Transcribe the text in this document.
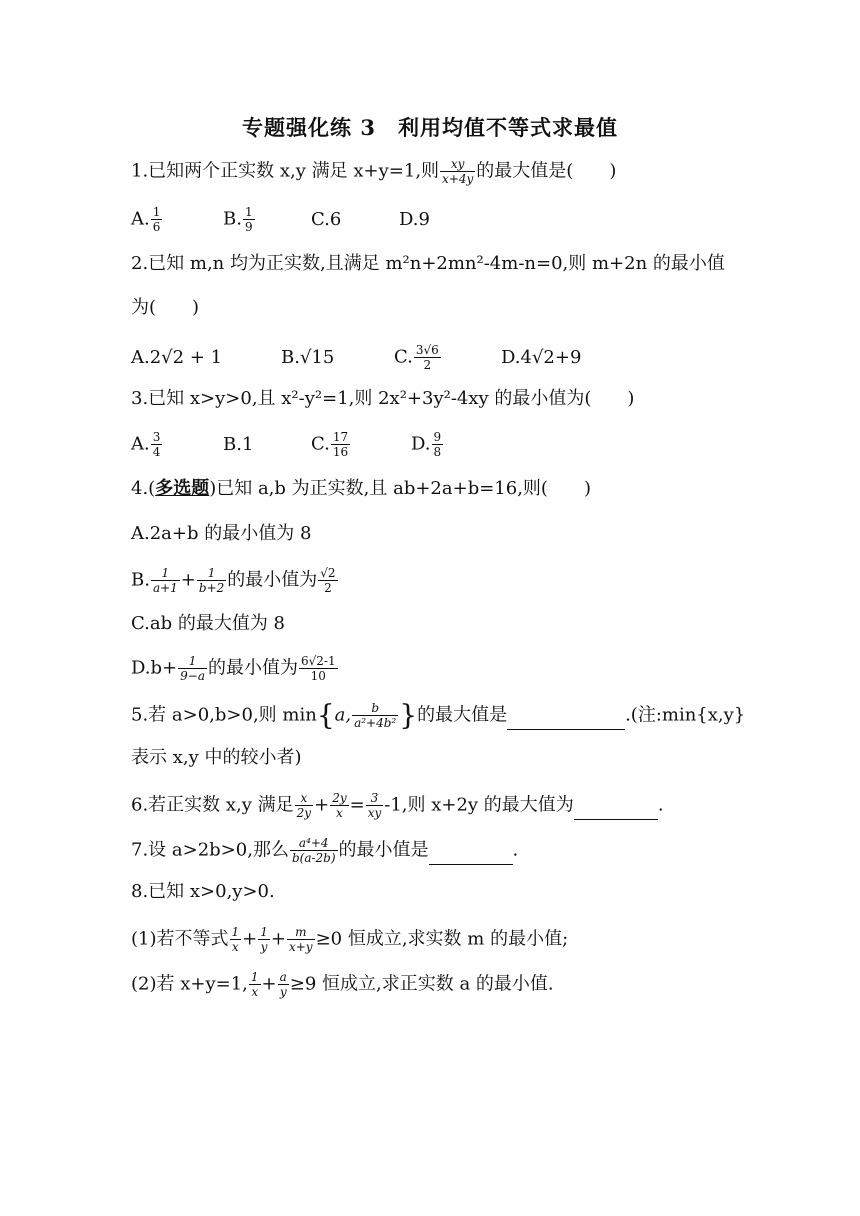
专题强化练 3　利用均值不等式求最值
1.已知两个正实数 x,y 满足 x+y=1,则 $\frac{xy}{x+4y}$ 的最大值是(　　)
A. $\frac{1}{6}$	B. $\frac{1}{9}$	C.6	D.9
2.已知 m,n 均为正实数,且满足 m²n+2mn²-4m-n=0,则 m+2n 的最小值
为(　　)
A.2√2 + 1	B.√15	C. $\frac{3√6}{2}$	D.4√2+9
3.已知 x>y>0,且 x²-y²=1,则 2x²+3y²-4xy 的最小值为(　　)
A. $\frac{3}{4}$	B.1	C. $\frac{17}{16}$	D. $\frac{9}{8}$
4.(多选题)已知 a,b 为正实数,且 ab+2a+b=16,则(　　)
A.2a+b 的最小值为 8
B. $\frac{1}{a+1} + \frac{1}{b+2}$ 的最小值为 $\frac{√2}{2}$
C.ab 的最大值为 8
$D.b+ \frac{1}{9-a}$ 的最小值为 $\frac{6√2-1}{10}$
5.若 a>0,b>0,则 min{a, $\frac{b}{\text{a²+4b²}}$ }的最大值是	.(注:min{x,y}
表示 x,y 中的较小者)
6.若正实数 x,y 满足 $\frac{x}{2y} + \frac{2y}{x} = \frac{3}{xy} -1$,则 x+2y 的最大值为	.
7.设 a>2b>0,那么 $\frac{\text{a⁴+4}}{b(a-2b)}$ 的最小值是	.
8.已知 x>0,y>0.
(1)若不等式 $\frac{1}{x} + \frac{1}{y} + \frac{m}{x+y} \ge 0$ 恒成立,求实数 m 的最小值;
(2)若 x+y=1, $\frac{1}{x} + \frac{a}{y} \ge 9$ 恒成立,求正实数 a 的最小值.
